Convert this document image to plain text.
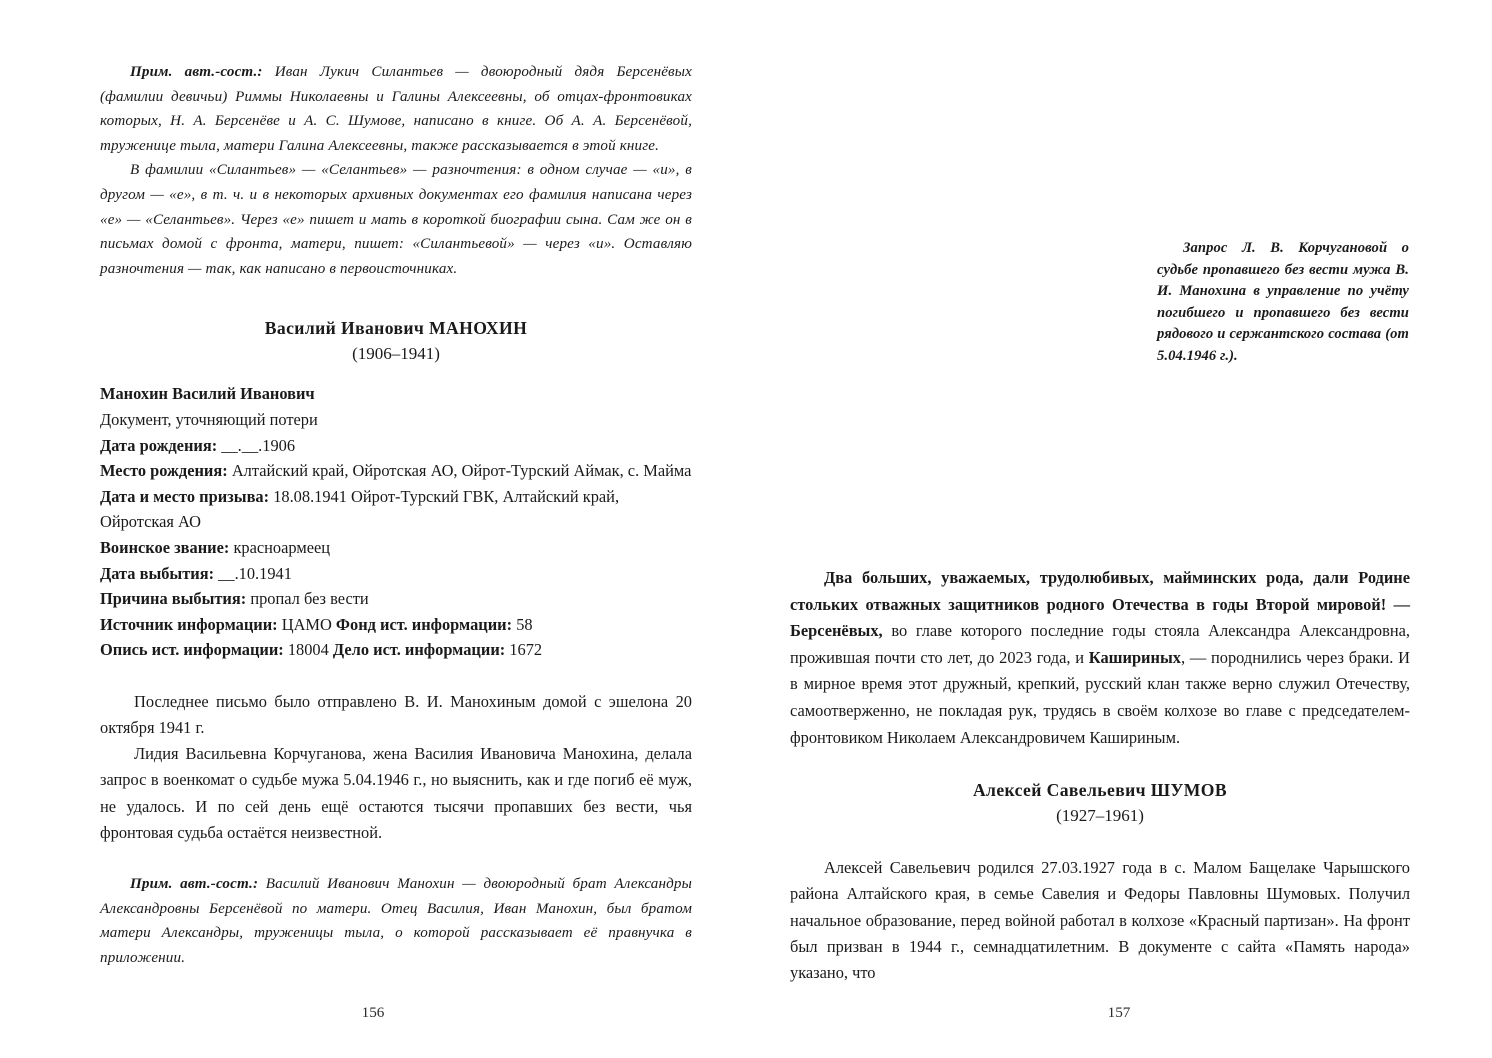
Прим. авт.-сост.: Иван Лукич Силантьев — двоюродный дядя Берсенёвых (фамилии девичьи) Риммы Николаевны и Галины Алексеевны, об отцах-фронтовиках которых, Н. А. Берсенёве и А. С. Шумове, написано в книге. Об А. А. Берсенёвой, труженице тыла, матери Галина Алексеевны, также рассказывается в этой книге.

В фамилии «Силантьев» — «Селантьев» — разночтения: в одном случае — «и», в другом — «е», в т. ч. и в некоторых архивных документах его фамилия написана через «е» — «Селантьев». Через «е» пишет и мать в короткой биографии сына. Сам же он в письмах домой с фронта, матери, пишет: «Силантьевой» — через «и». Оставляю разночтения — так, как написано в первоисточниках.

Василий Иванович МАНОХИН

(1906–1941)

Манохин Василий Иванович

Документ, уточняющий потери

Дата рождения: __.__.1906

Место рождения: Алтайский край, Ойротская АО, Ойрот-Турский Аймак, с. Майма

Дата и место призыва: 18.08.1941 Ойрот-Турский ГВК, Алтайский край, Ойротская АО

Воинское звание: красноармеец

Дата выбытия: __.10.1941

Причина выбытия: пропал без вести

Источник информации: ЦАМО Фонд ист. информации: 58

Опись ист. информации: 18004 Дело ист. информации: 1672

Последнее письмо было отправлено В. И. Манохиным домой с эшелона 20 октября 1941 г.

Лидия Васильевна Корчуганова, жена Василия Ивановича Манохина, делала запрос в военкомат о судьбе мужа 5.04.1946 г., но выяснить, как и где погиб её муж, не удалось. И по сей день ещё остаются тысячи пропавших без вести, чья фронтовая судьба остаётся неизвестной.

Прим. авт.-сост.: Василий Иванович Манохин — двоюродный брат Александры Александровны Берсенёвой по матери. Отец Василия, Иван Манохин, был братом матери Александры, труженицы тыла, о которой рассказывает её правнучка в приложении.

156

Запрос Л. В. Корчугановой о судьбе пропавшего без вести мужа В. И. Манохина в управление по учёту погибшего и пропавшего без вести рядового и сержантского состава (от 5.04.1946 г.).

Два больших, уважаемых, трудолюбивых, майминских рода, дали Родине стольких отважных защитников родного Отечества в годы Второй мировой! — Берсенёвых, во главе которого последние годы стояла Александра Александровна, прожившая почти сто лет, до 2023 года, и Кашириных, — породнились через браки. И в мирное время этот дружный, крепкий, русский клан также верно служил Отечеству, самоотверженно, не покладая рук, трудясь в своём колхозе во главе с председателем-фронтовиком Николаем Александровичем Кашириным.

Алексей Савельевич ШУМОВ

(1927–1961)

Алексей Савельевич родился 27.03.1927 года в с. Малом Бащелаке Чарышского района Алтайского края, в семье Савелия и Федоры Павловны Шумовых. Получил начальное образование, перед войной работал в колхозе «Красный партизан». На фронт был призван в 1944 г., семнадцатилетним. В документе с сайта «Память народа» указано, что

157
